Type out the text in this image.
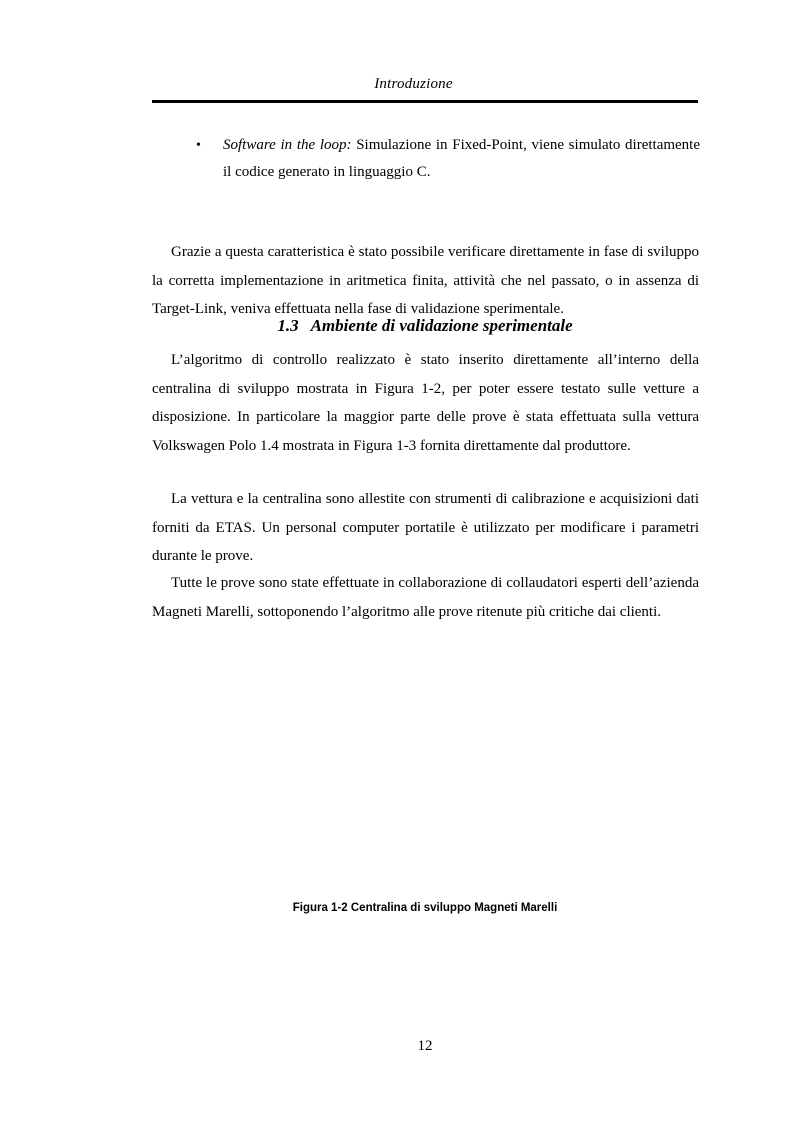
Introduzione
• Software in the loop: Simulazione in Fixed-Point, viene simulato direttamente il codice generato in linguaggio C.

Grazie a questa caratteristica è stato possibile verificare direttamente in fase di sviluppo la corretta implementazione in aritmetica finita, attività che nel passato, o in assenza di Target-Link, veniva effettuata nella fase di validazione sperimentale.

1.3 Ambiente di validazione sperimentale

L’algoritmo di controllo realizzato è stato inserito direttamente all’interno della centralina di sviluppo mostrata in Figura 1-2, per poter essere testato sulle vetture a disposizione. In particolare la maggior parte delle prove è stata effettuata sulla vettura Volkswagen Polo 1.4 mostrata in Figura 1-3 fornita direttamente dal produttore.

La vettura e la centralina sono allestite con strumenti di calibrazione e acquisizioni dati forniti da ETAS. Un personal computer portatile è utilizzato per modificare i parametri durante le prove.

Tutte le prove sono state effettuate in collaborazione di collaudatori esperti dell’azienda Magneti Marelli, sottoponendo l’algoritmo alle prove ritenute più critiche dai clienti.

Figura 1-2 Centralina di sviluppo Magneti Marelli
12
